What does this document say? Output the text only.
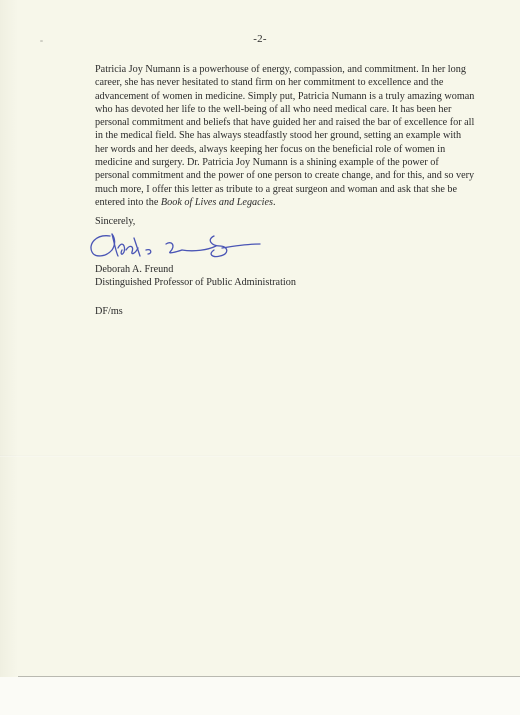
-2-

Patricia Joy Numann is a powerhouse of energy, compassion, and commitment. In her long career, she has never hesitated to stand firm on her commitment to excellence and the advancement of women in medicine. Simply put, Patricia Numann is a truly amazing woman who has devoted her life to the well-being of all who need medical care. It has been her personal commitment and beliefs that have guided her and raised the bar of excellence for all in the medical field. She has always steadfastly stood her ground, setting an example with her words and her deeds, always keeping her focus on the beneficial role of women in medicine and surgery. Dr. Patricia Joy Numann is a shining example of the power of personal commitment and the power of one person to create change, and for this, and so very much more, I offer this letter as tribute to a great surgeon and woman and ask that she be entered into the Book of Lives and Legacies.

Sincerely,
Deborah A. Freund
Distinguished Professor of Public Administration
DF/ms
